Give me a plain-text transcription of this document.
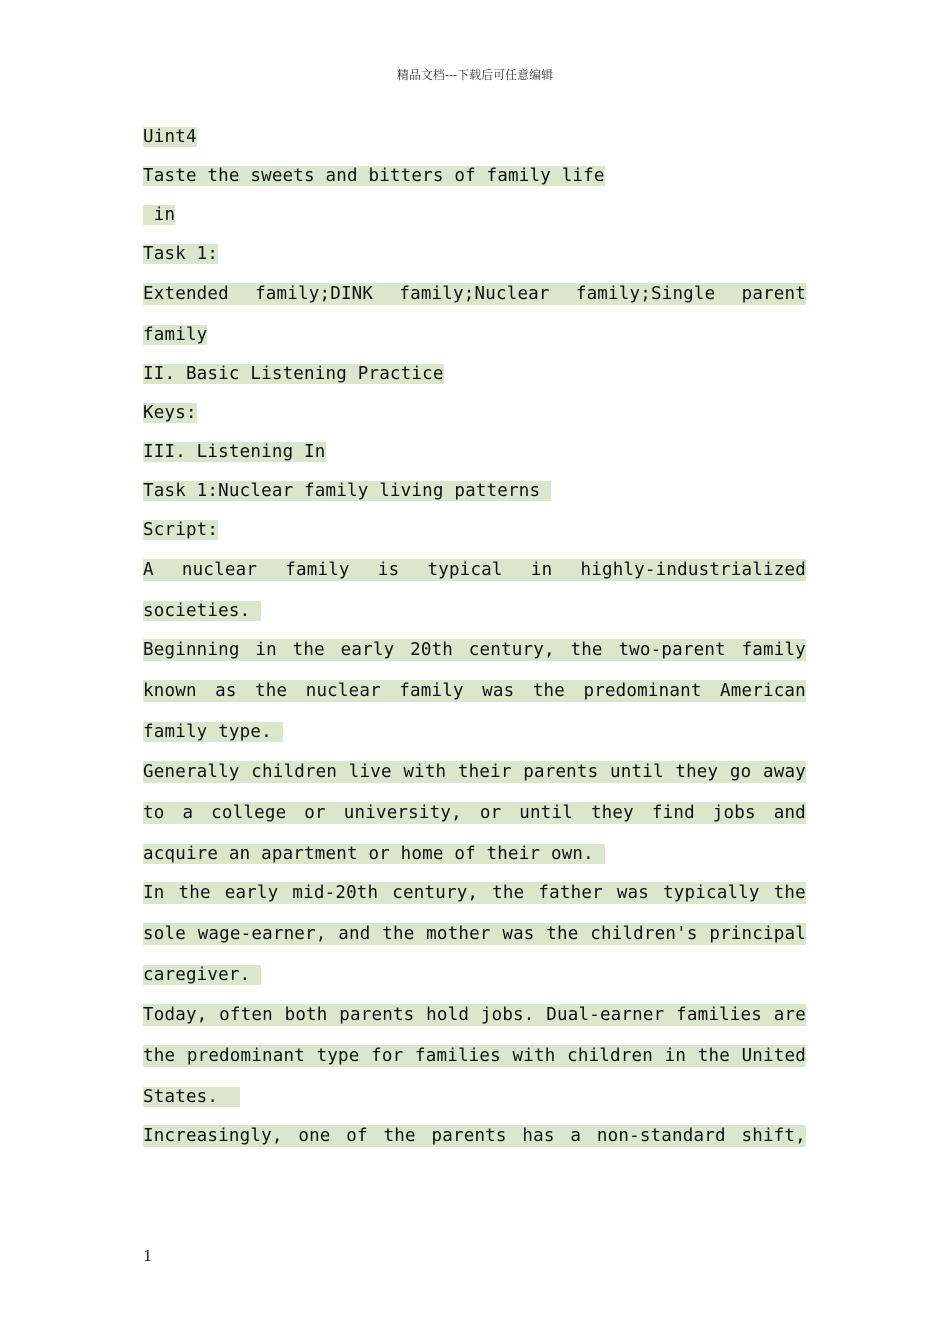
精品文档---下载后可任意编辑
Uint4
Taste the sweets and bitters of family life
in
Task 1:
Extended family;DINK family;Nuclear family;Single parent
family
II. Basic Listening Practice
Keys:
III. Listening In
Task 1:Nuclear family living patterns
Script:
A nuclear family is typical in highly-industrialized
societies.
Beginning in the early 20th century, the two-parent family
known as the nuclear family was the predominant American
family type.
Generally children live with their parents until they go away
to a college or university, or until they find jobs and
acquire an apartment or home of their own.
In the early mid-20th century, the father was typically the
sole wage-earner, and the mother was the children's principal
caregiver.
Today, often both parents hold jobs. Dual-earner families are
the predominant type for families with children in the United
States.
Increasingly, one of the parents has a non-standard shift,
1
